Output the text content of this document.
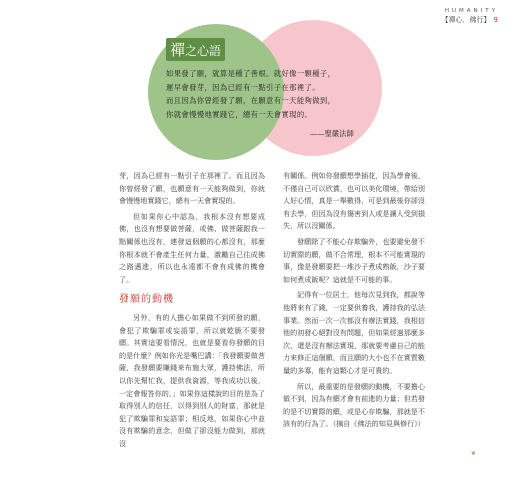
HUMANITY
【禪心．佛行】 9
禪之心語
如果發了願，就算是種了善根。就好像一顆種子，
遲早會發芽，因為已經有一點引子在那裡了。
而且因為你曾經發了願，在願意有一天能夠做到，
你就會慢慢地實踐它，總有一天會實現的。
——聖嚴法師

芽，因為已經有一點引子在那裡了。而且因為你曾經發了願，也願意有一天能夠做到，你就會慢慢地實踐它，總有一天會實現的。

但如果你心中認為，我根本沒有想要成佛，也沒有想要做菩薩，或佛、做菩薩跟我一點關係也沒有，連發這個願的心都沒有，那麼你根本就不會產生任何力量，激勵自己往成佛之路邁進，所以也永遠都不會有成佛的機會了。

發願的動機

另外，有的人擔心如果做不到所發的願，會犯了欺騙罪或妄語罪，所以就乾脆不要發願。其實這要看情況，也就是要看你發願的目的是什麼？例如你光是嘴巴講：「我發願要做菩薩，我發願要賺錢來布施大眾，護持佛法，所以你先幫忙我，提供我資源，等我成功以後，一定會報答你的。」如果你這樣說的目的是為了取得別人的信任，以得到別人的財富，那就是犯了欺騙罪和妄語罪；相反地，如果你心中並沒有欺騙的意念，但做了卻沒能力做到，那就沒

有關係。例如你發願想學插花，因為學會後，不僅自己可以欣賞，也可以美化環境，帶給別人好心情，真是一舉數得，可是到最後你卻沒有去學，但因為沒有傷害到人或是讓人受到損失，所以沒關係。

發願除了不能心存欺騙外，也要避免發不切實際的願，做不合常理，根本不可能實現的事，像是發願要把一堆沙子煮成熟飯，沙子要如何煮成飯呢？這就是不可能的事。

記得有一位居士，他每次見到我，都說等他將來有了錢，一定要供養我，護持我的弘法事業。然而一次一次都沒有辦法實踐，我相信他的初發心絕對沒有問題，但如果經過那麼多次，還是沒有辦法實現，那就要考慮自己的能力來修正這個願，而且願的大小也不在實質數量的多寡，能有這顆心才是可貴的。

所以，最重要的是發願的動機，不要擔心做不到，因為有願才會有前進的力量；但若發的是不切實際的願，或是心存欺騙，那就是不該有的行為了。（摘自《佛法的知見與修行》）

❦
